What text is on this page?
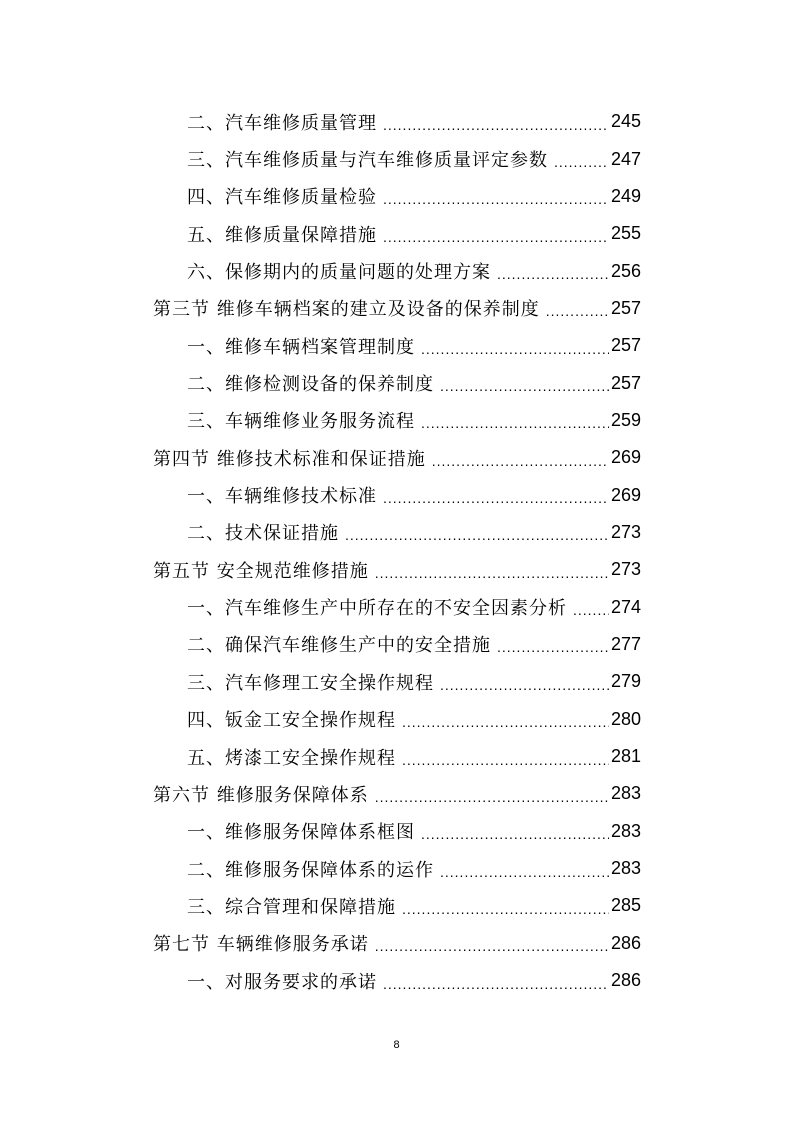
二、汽车维修质量管理 .....	245
三、汽车维修质量与汽车维修质量评定参数 .....	247
四、汽车维修质量检验 .....	249
五、维修质量保障措施 .....	255
六、保修期内的质量问题的处理方案 .....	256
第三节 维修车辆档案的建立及设备的保养制度 .....	257
一、维修车辆档案管理制度 .....	257
二、维修检测设备的保养制度 .....	257
三、车辆维修业务服务流程 .....	259
第四节 维修技术标准和保证措施 .....	269
一、车辆维修技术标准 .....	269
二、技术保证措施 .....	273
第五节 安全规范维修措施 .....	273
一、汽车维修生产中所存在的不安全因素分析 ..... 274
二、确保汽车维修生产中的安全措施 .....	277
三、汽车修理工安全操作规程 .....	279
四、钣金工安全操作规程 .....	280
五、烤漆工安全操作规程 .....	281
第六节 维修服务保障体系 .....	283
一、维修服务保障体系框图 .....	283
二、维修服务保障体系的运作 .....	283
三、综合管理和保障措施 .....	285
第七节 车辆维修服务承诺 .....	286
一、对服务要求的承诺 .....	286
8
